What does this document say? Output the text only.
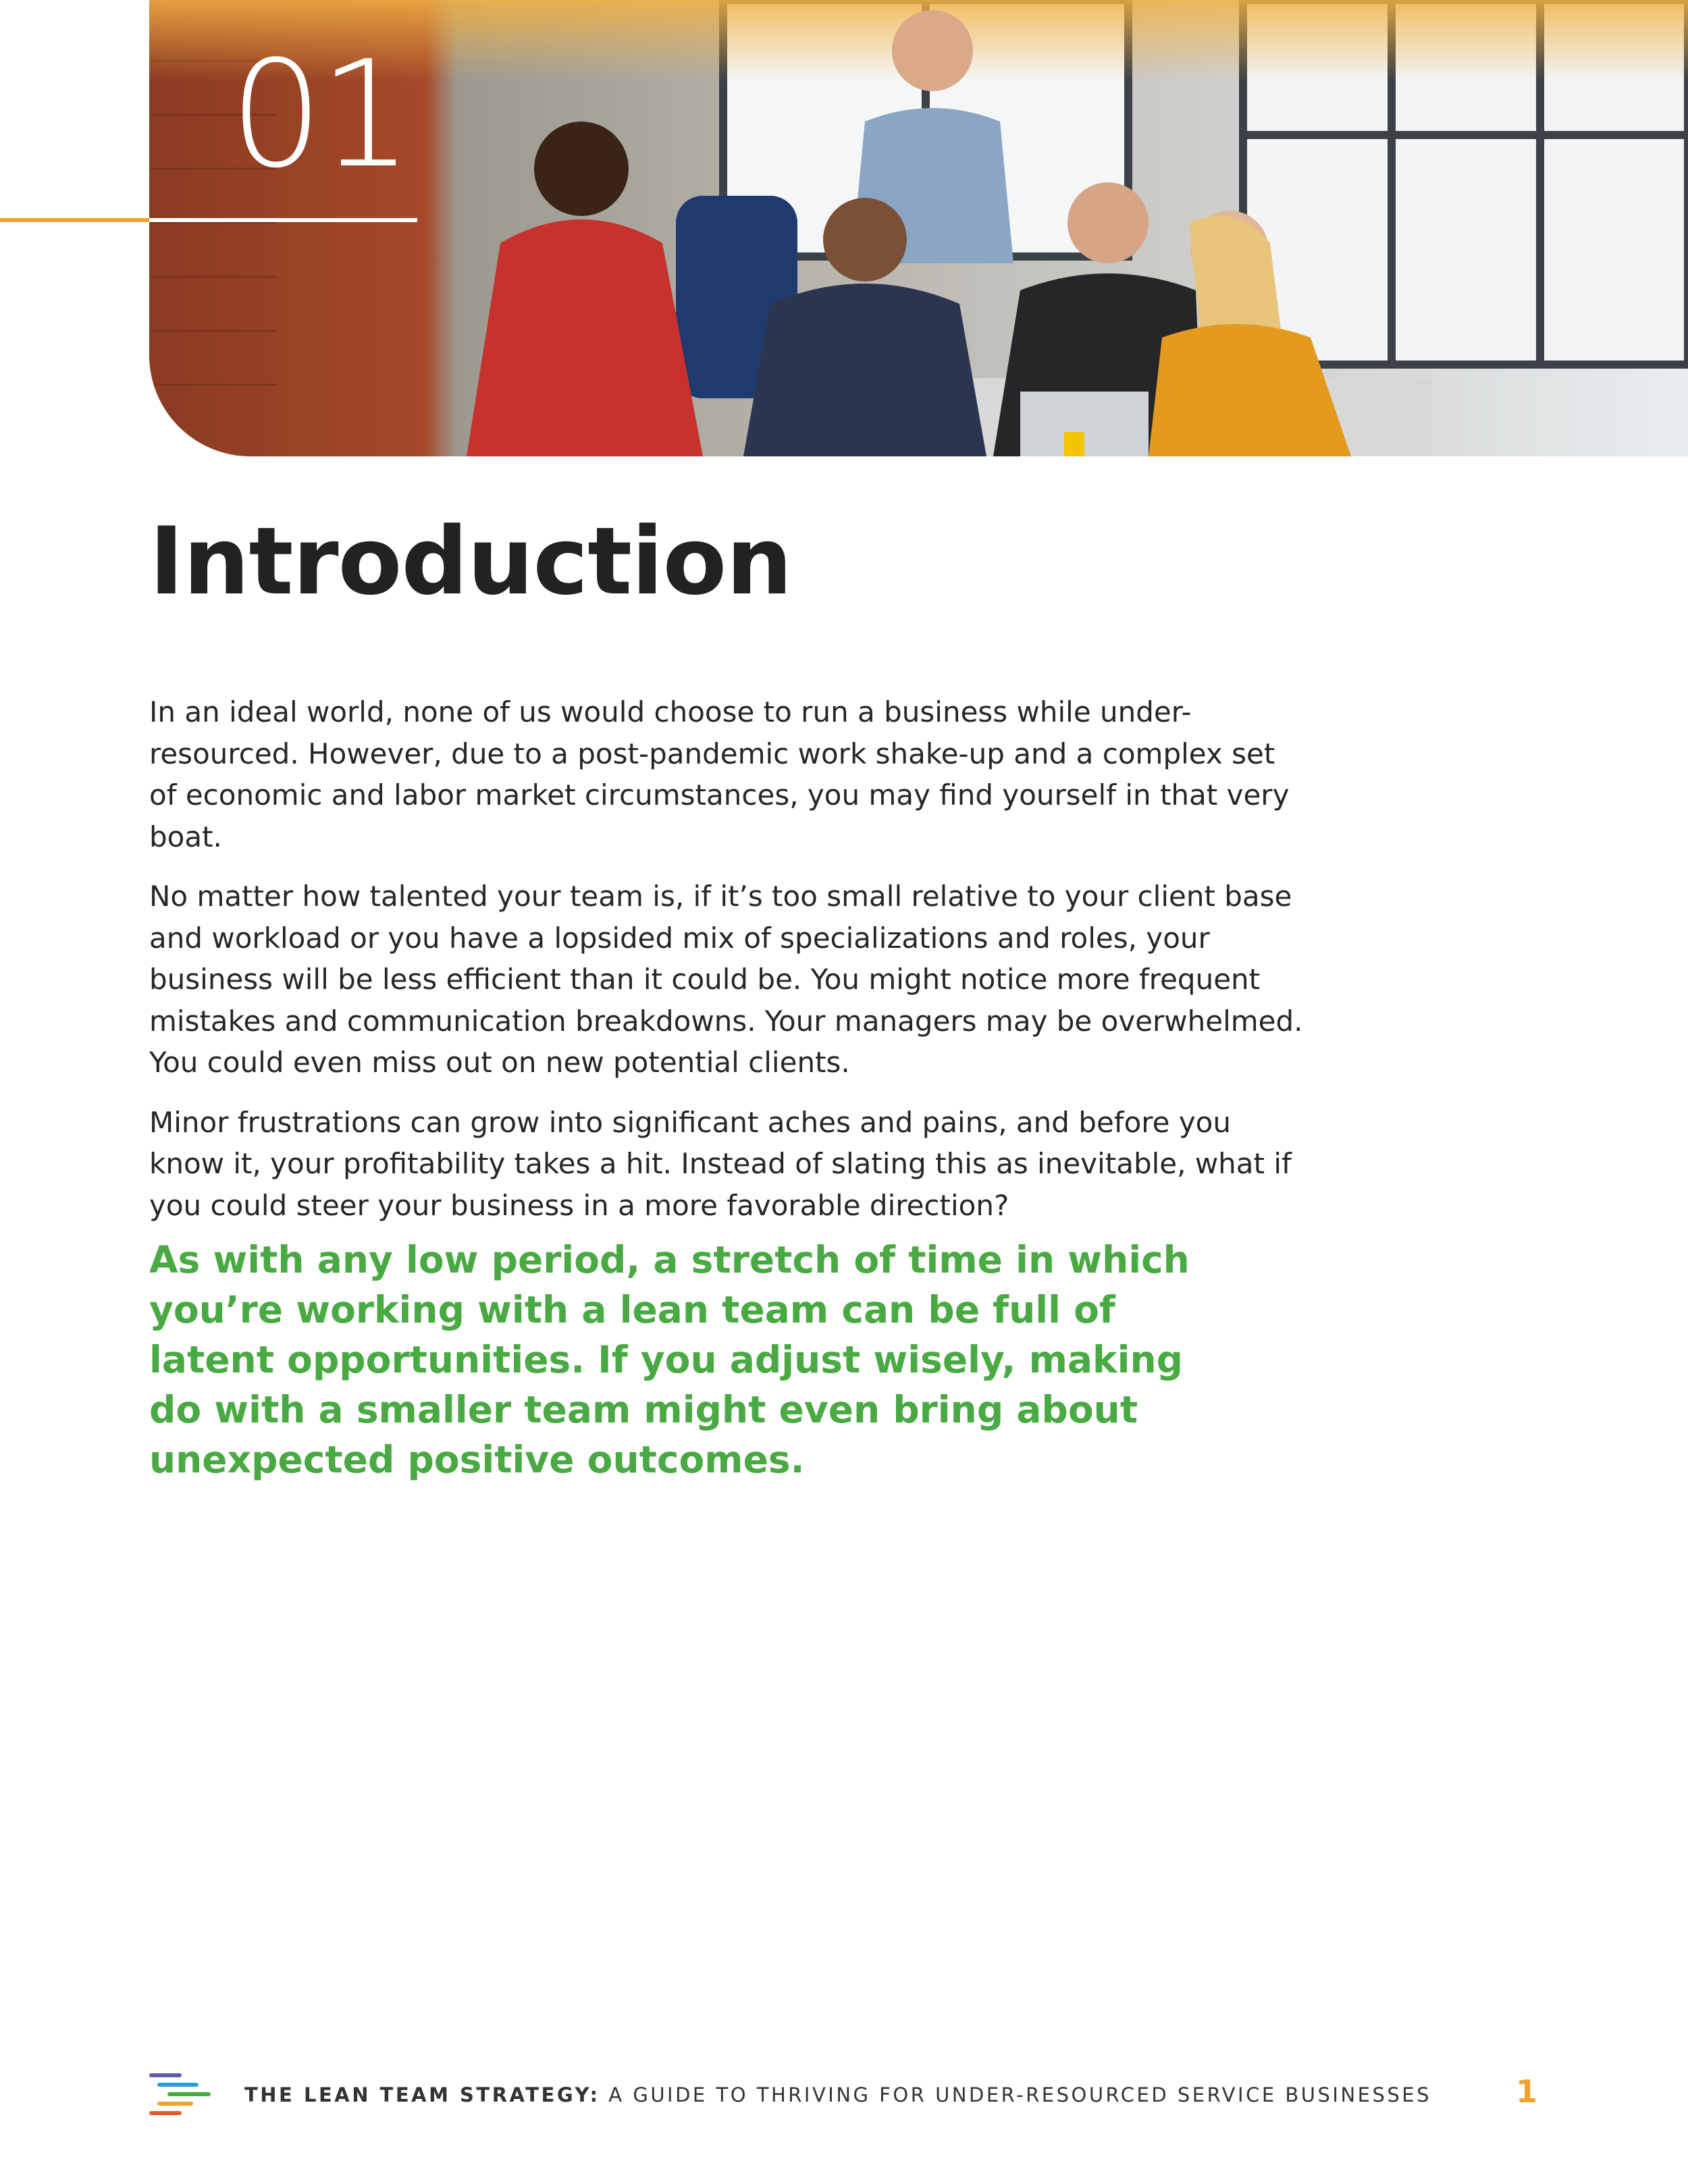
01
Introduction

In an ideal world, none of us would choose to run a business while under-resourced. However, due to a post-pandemic work shake-up and a complex set of economic and labor market circumstances, you may find yourself in that very boat.

No matter how talented your team is, if it’s too small relative to your client base and workload or you have a lopsided mix of specializations and roles, your business will be less efficient than it could be. You might notice more frequent mistakes and communication breakdowns. Your managers may be overwhelmed. You could even miss out on new potential clients.

Minor frustrations can grow into significant aches and pains, and before you know it, your profitability takes a hit. Instead of slating this as inevitable, what if you could steer your business in a more favorable direction?

As with any low period, a stretch of time in which you’re working with a lean team can be full of latent opportunities. If you adjust wisely, making do with a smaller team might even bring about unexpected positive outcomes.
THE LEAN TEAM STRATEGY: A GUIDE TO THRIVING FOR UNDER-RESOURCED SERVICE BUSINESSES	1
